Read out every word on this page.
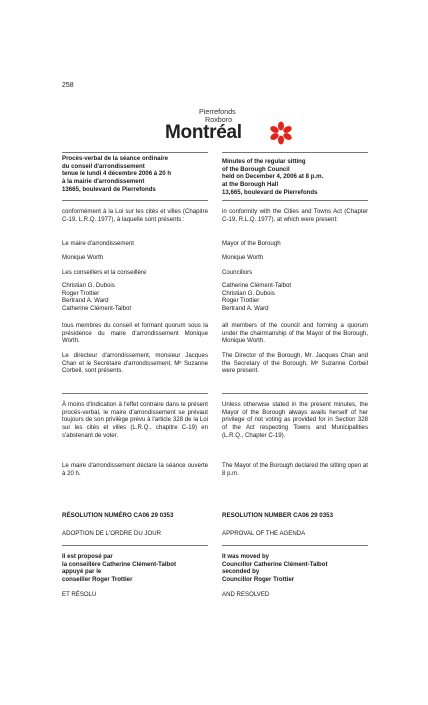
258
Pierrefonds
Roxboro
Montréal
Procès-verbal de la séance ordinaire
du conseil d'arrondissement
tenue le lundi 4 décembre 2006 à 20 h
à la mairie d'arrondissement
13665, boulevard de Pierrefonds
Minutes of the regular sitting
of the Borough Council
held on December 4, 2006 at 8 p.m.
at the Borough Hall
13,665, boulevard de Pierrefonds
conformément à la Loi sur les cités et villes (Chapitre C-19, L.R.Q. 1977), à laquelle sont présents :
Le maire d'arrondissement
Monique Worth
Les conseillers et la conseillère
Christian G. Dubois
Roger Trottier
Bertrand A. Ward
Catherine Clément-Talbot
tous membres du conseil et formant quorum sous la présidence du maire d'arrondissement Monique Worth.
Le directeur d'arrondissement, monsieur Jacques Chan et le Secrétaire d'arrondissement, Mᵉ Suzanne Corbeil, sont présents.
À moins d'indication à l'effet contraire dans le présent procès-verbal, le maire d'arrondissement se prévaut toujours de son privilège prévu à l'article 328 de la Loi sur les cités et villes (L.R.Q., chapitre C-19) en s'abstenant de voter.
Le maire d'arrondissement déclare la séance ouverte à 20 h.
RÉSOLUTION NUMÉRO CA06 29 0353
ADOPTION DE L'ORDRE DU JOUR
Il est proposé par
la conseillère Catherine Clément-Talbot
appuyé par le
conseiller Roger Trottier
ET RÉSOLU
in conformity with the Cities and Towns Act (Chapter C-19, R.L.Q. 1977), at which were present:
Mayor of the Borough
Monique Worth
Councillors
Catherine Clément-Talbot
Christian G. Dubois
Roger Trottier
Bertrand A. Ward
all members of the council and forming a quorum under the chairmanship of the Mayor of the Borough, Monique Worth.
The Director of the Borough, Mr. Jacques Chan and the Secretary of the Borough, Mᵉ Suzanne Corbeil were present.
Unless otherwise stated in the present minutes, the Mayor of the Borough always avails herself of her privilege of not voting as provided for in Section 328 of the Act respecting Towns and Municipalities (L.R.Q., Chapter C-19).
The Mayor of the Borough declared the sitting open at 8 p.m.
RESOLUTION NUMBER CA06 29 0353
APPROVAL OF THE AGENDA
It was moved by
Councillor Catherine Clément-Talbot
seconded by
Councillor Roger Trottier
AND RESOLVED
